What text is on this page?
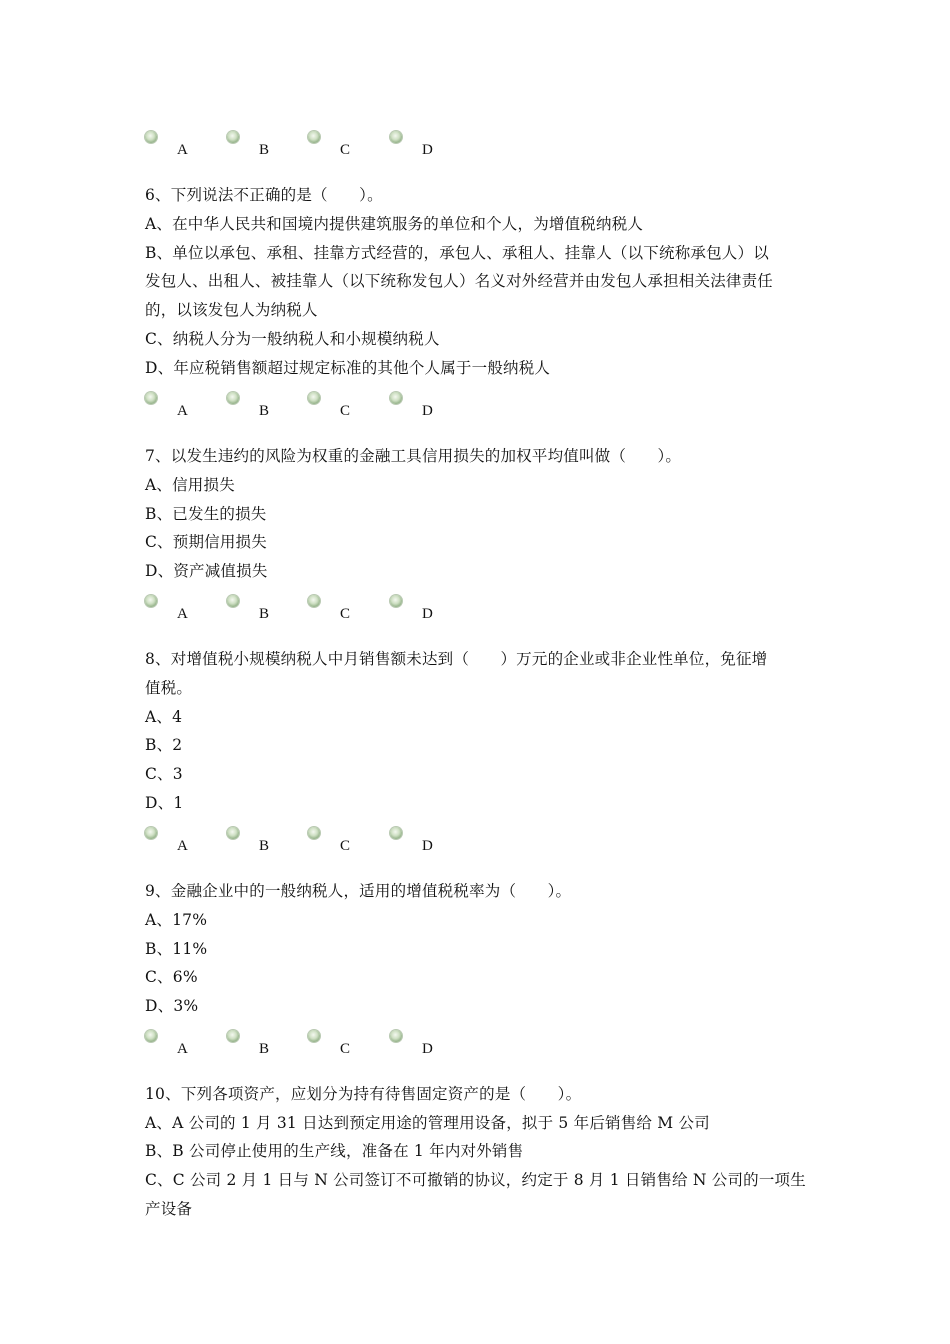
A	B	C	D
6、下列说法不正确的是（　　）。
A、在中华人民共和国境内提供建筑服务的单位和个人，为增值税纳税人
B、单位以承包、承租、挂靠方式经营的，承包人、承租人、挂靠人（以下统称承包人）以
发包人、出租人、被挂靠人（以下统称发包人）名义对外经营并由发包人承担相关法律责任
的，以该发包人为纳税人
C、纳税人分为一般纳税人和小规模纳税人
D、年应税销售额超过规定标准的其他个人属于一般纳税人
A	B	C	D
7、以发生违约的风险为权重的金融工具信用损失的加权平均值叫做（　　）。
A、信用损失
B、已发生的损失
C、预期信用损失
D、资产减值损失
A	B	C	D
8、对增值税小规模纳税人中月销售额未达到（　　）万元的企业或非企业性单位，免征增
值税。
A、4
B、2
C、3
D、1
A	B	C	D
9、金融企业中的一般纳税人，适用的增值税税率为（　　）。
A、17%
B、11%
C、6%
D、3%
A	B	C	D
10、下列各项资产，应划分为持有待售固定资产的是（　　）。
A、A 公司的 1 月 31 日达到预定用途的管理用设备，拟于 5 年后销售给 M 公司
B、B 公司停止使用的生产线，准备在 1 年内对外销售
C、C 公司 2 月 1 日与 N 公司签订不可撤销的协议，约定于 8 月 1 日销售给 N 公司的一项生
产设备
